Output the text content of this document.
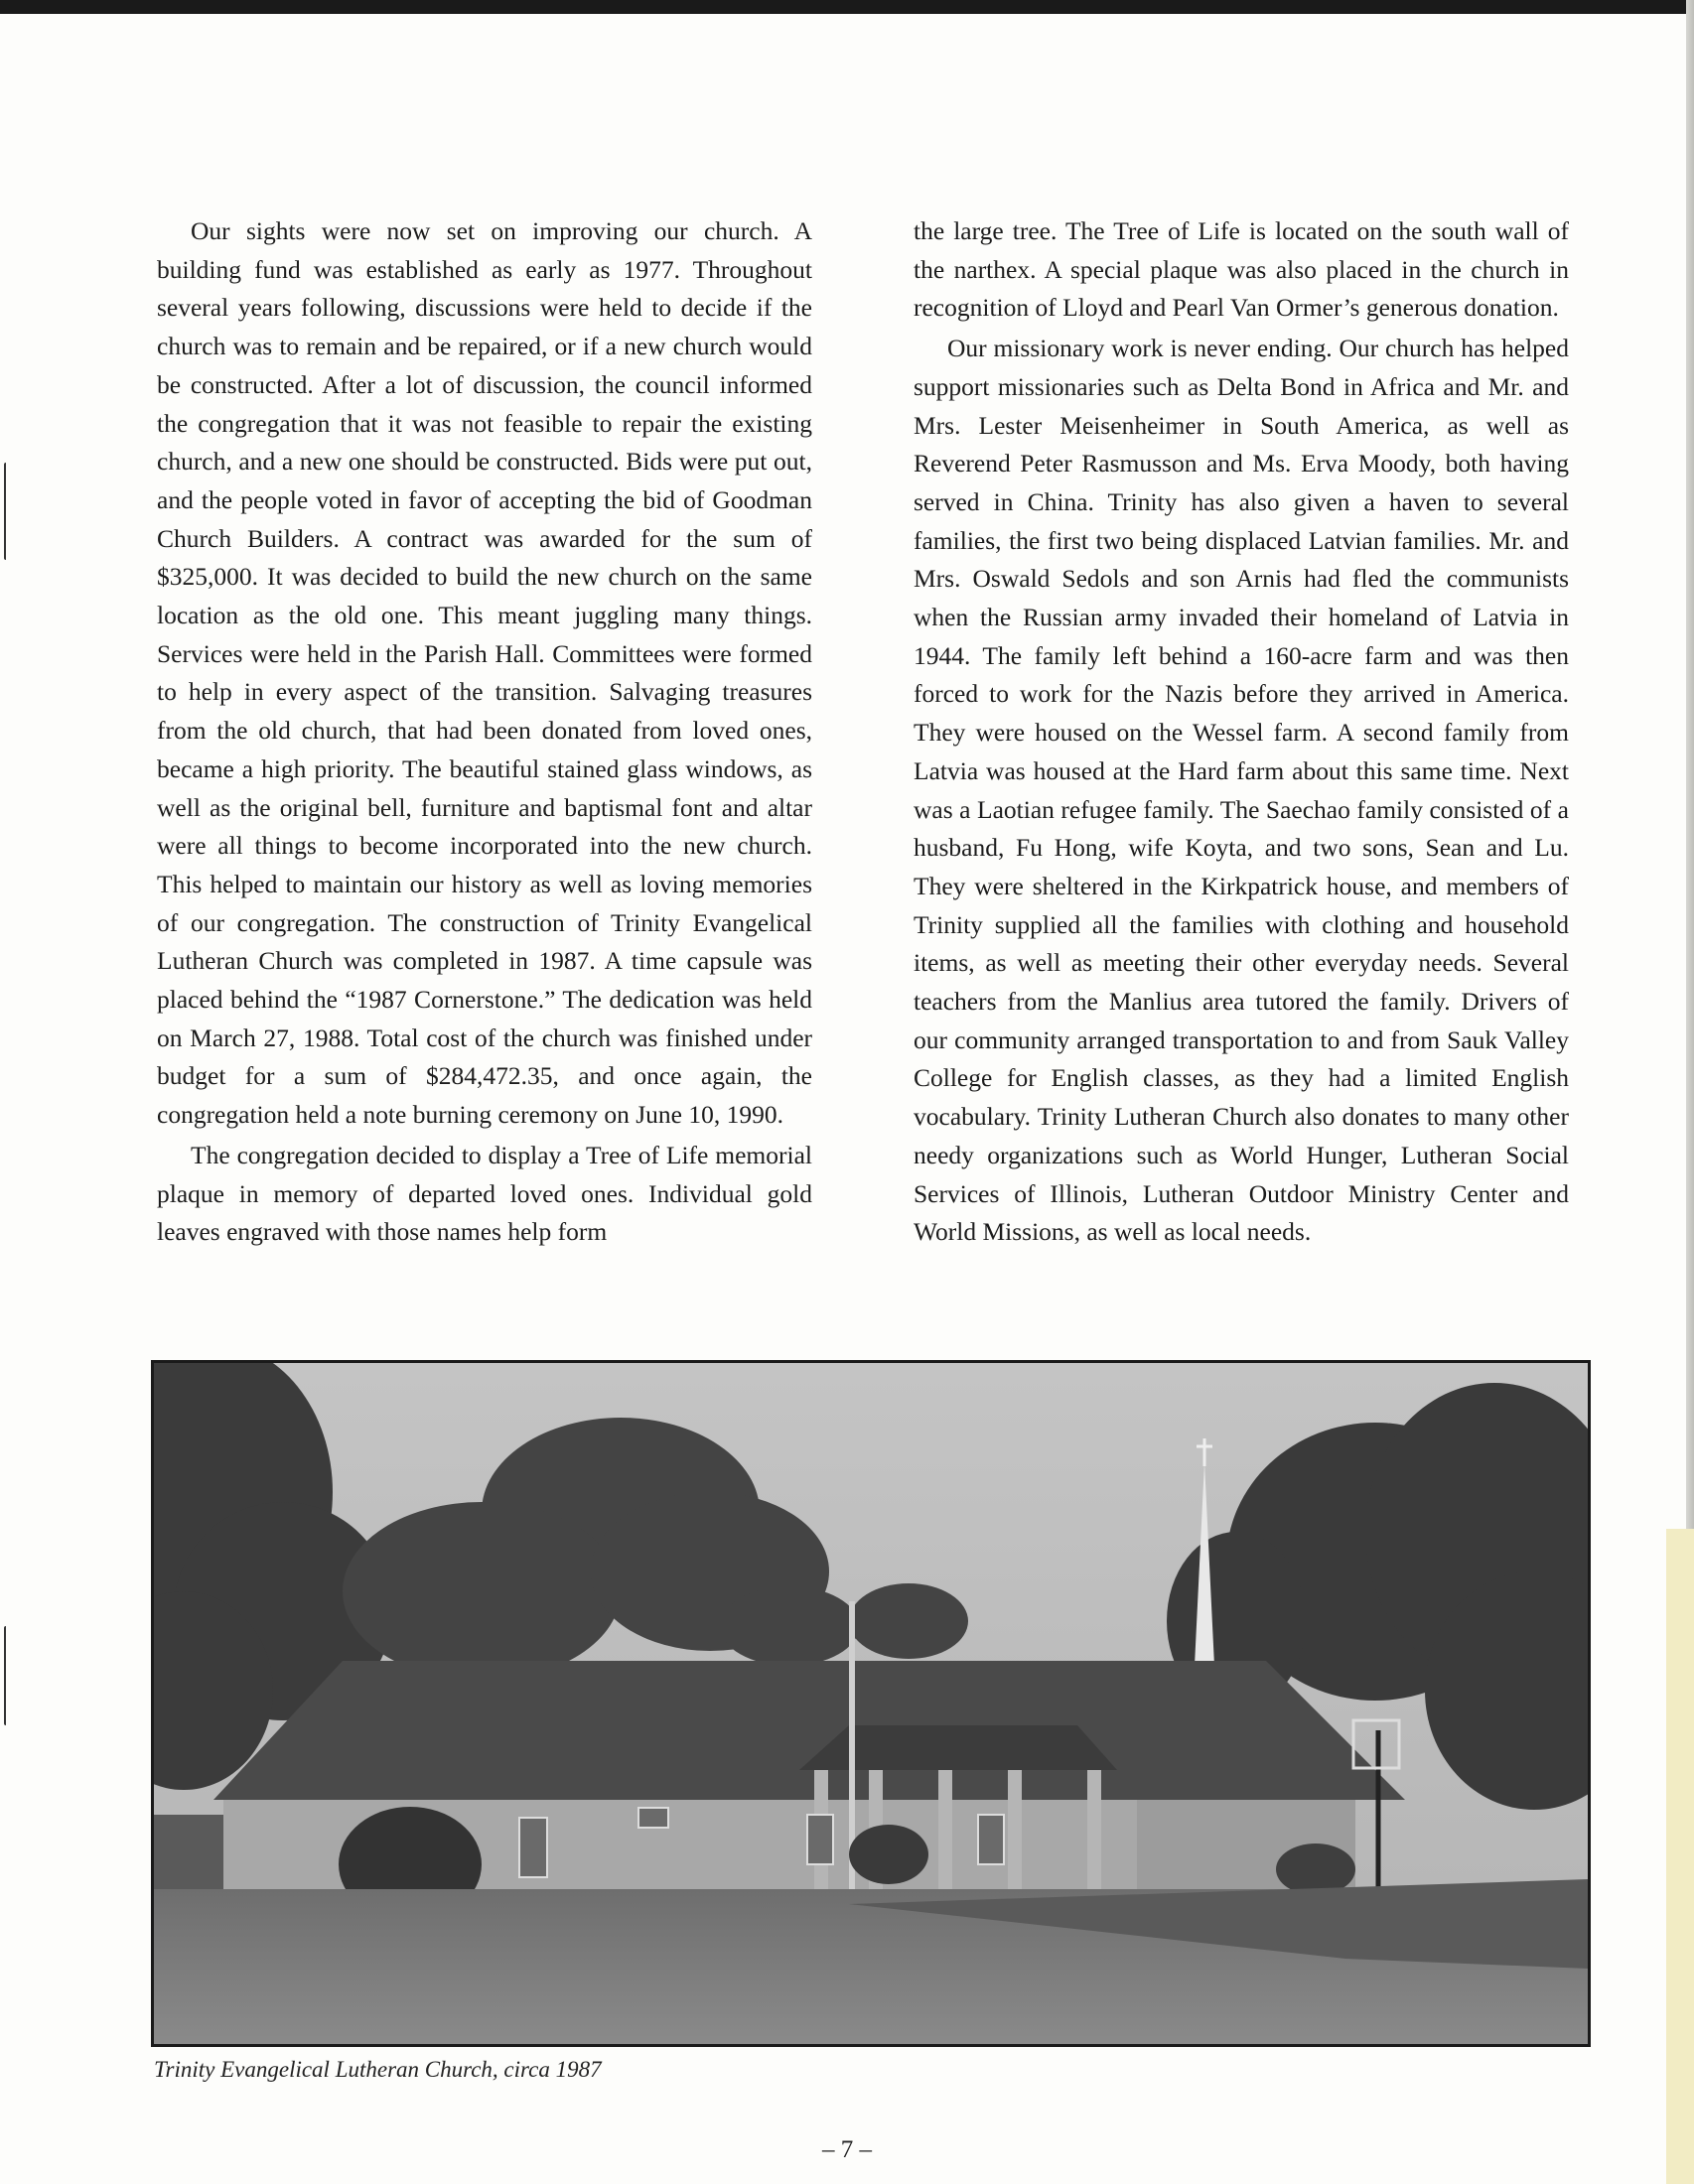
Our sights were now set on improving our church. A building fund was established as early as 1977. Throughout several years following, discussions were held to decide if the church was to remain and be repaired, or if a new church would be constructed. After a lot of discussion, the council informed the congregation that it was not feasible to repair the existing church, and a new one should be constructed. Bids were put out, and the people voted in favor of accepting the bid of Goodman Church Builders. A contract was awarded for the sum of $325,000. It was decided to build the new church on the same location as the old one. This meant juggling many things. Services were held in the Parish Hall. Committees were formed to help in every aspect of the transition. Salvaging treasures from the old church, that had been donated from loved ones, became a high priority. The beautiful stained glass windows, as well as the original bell, furniture and baptismal font and altar were all things to become incorporated into the new church. This helped to maintain our history as well as loving memories of our congregation. The construction of Trinity Evangelical Lutheran Church was completed in 1987. A time capsule was placed behind the “1987 Cornerstone.” The dedication was held on March 27, 1988. Total cost of the church was finished under budget for a sum of $284,472.35, and once again, the congregation held a note burning ceremony on June 10, 1990.

The congregation decided to display a Tree of Life memorial plaque in memory of departed loved ones. Individual gold leaves engraved with those names help form

the large tree. The Tree of Life is located on the south wall of the narthex. A special plaque was also placed in the church in recognition of Lloyd and Pearl Van Ormer’s generous donation.

Our missionary work is never ending. Our church has helped support missionaries such as Delta Bond in Africa and Mr. and Mrs. Lester Meisenheimer in South America, as well as Reverend Peter Rasmusson and Ms. Erva Moody, both having served in China. Trinity has also given a haven to several families, the first two being displaced Latvian families. Mr. and Mrs. Oswald Sedols and son Arnis had fled the communists when the Russian army invaded their homeland of Latvia in 1944. The family left behind a 160-acre farm and was then forced to work for the Nazis before they arrived in America. They were housed on the Wessel farm. A second family from Latvia was housed at the Hard farm about this same time. Next was a Laotian refugee family. The Saechao family consisted of a husband, Fu Hong, wife Koyta, and two sons, Sean and Lu. They were sheltered in the Kirkpatrick house, and members of Trinity supplied all the families with clothing and household items, as well as meeting their other everyday needs. Several teachers from the Manlius area tutored the family. Drivers of our community arranged transportation to and from Sauk Valley College for English classes, as they had a limited English vocabulary. Trinity Lutheran Church also donates to many other needy organizations such as World Hunger, Lutheran Social Services of Illinois, Lutheran Outdoor Ministry Center and World Missions, as well as local needs.

Trinity Evangelical Lutheran Church, circa 1987
– 7 –
